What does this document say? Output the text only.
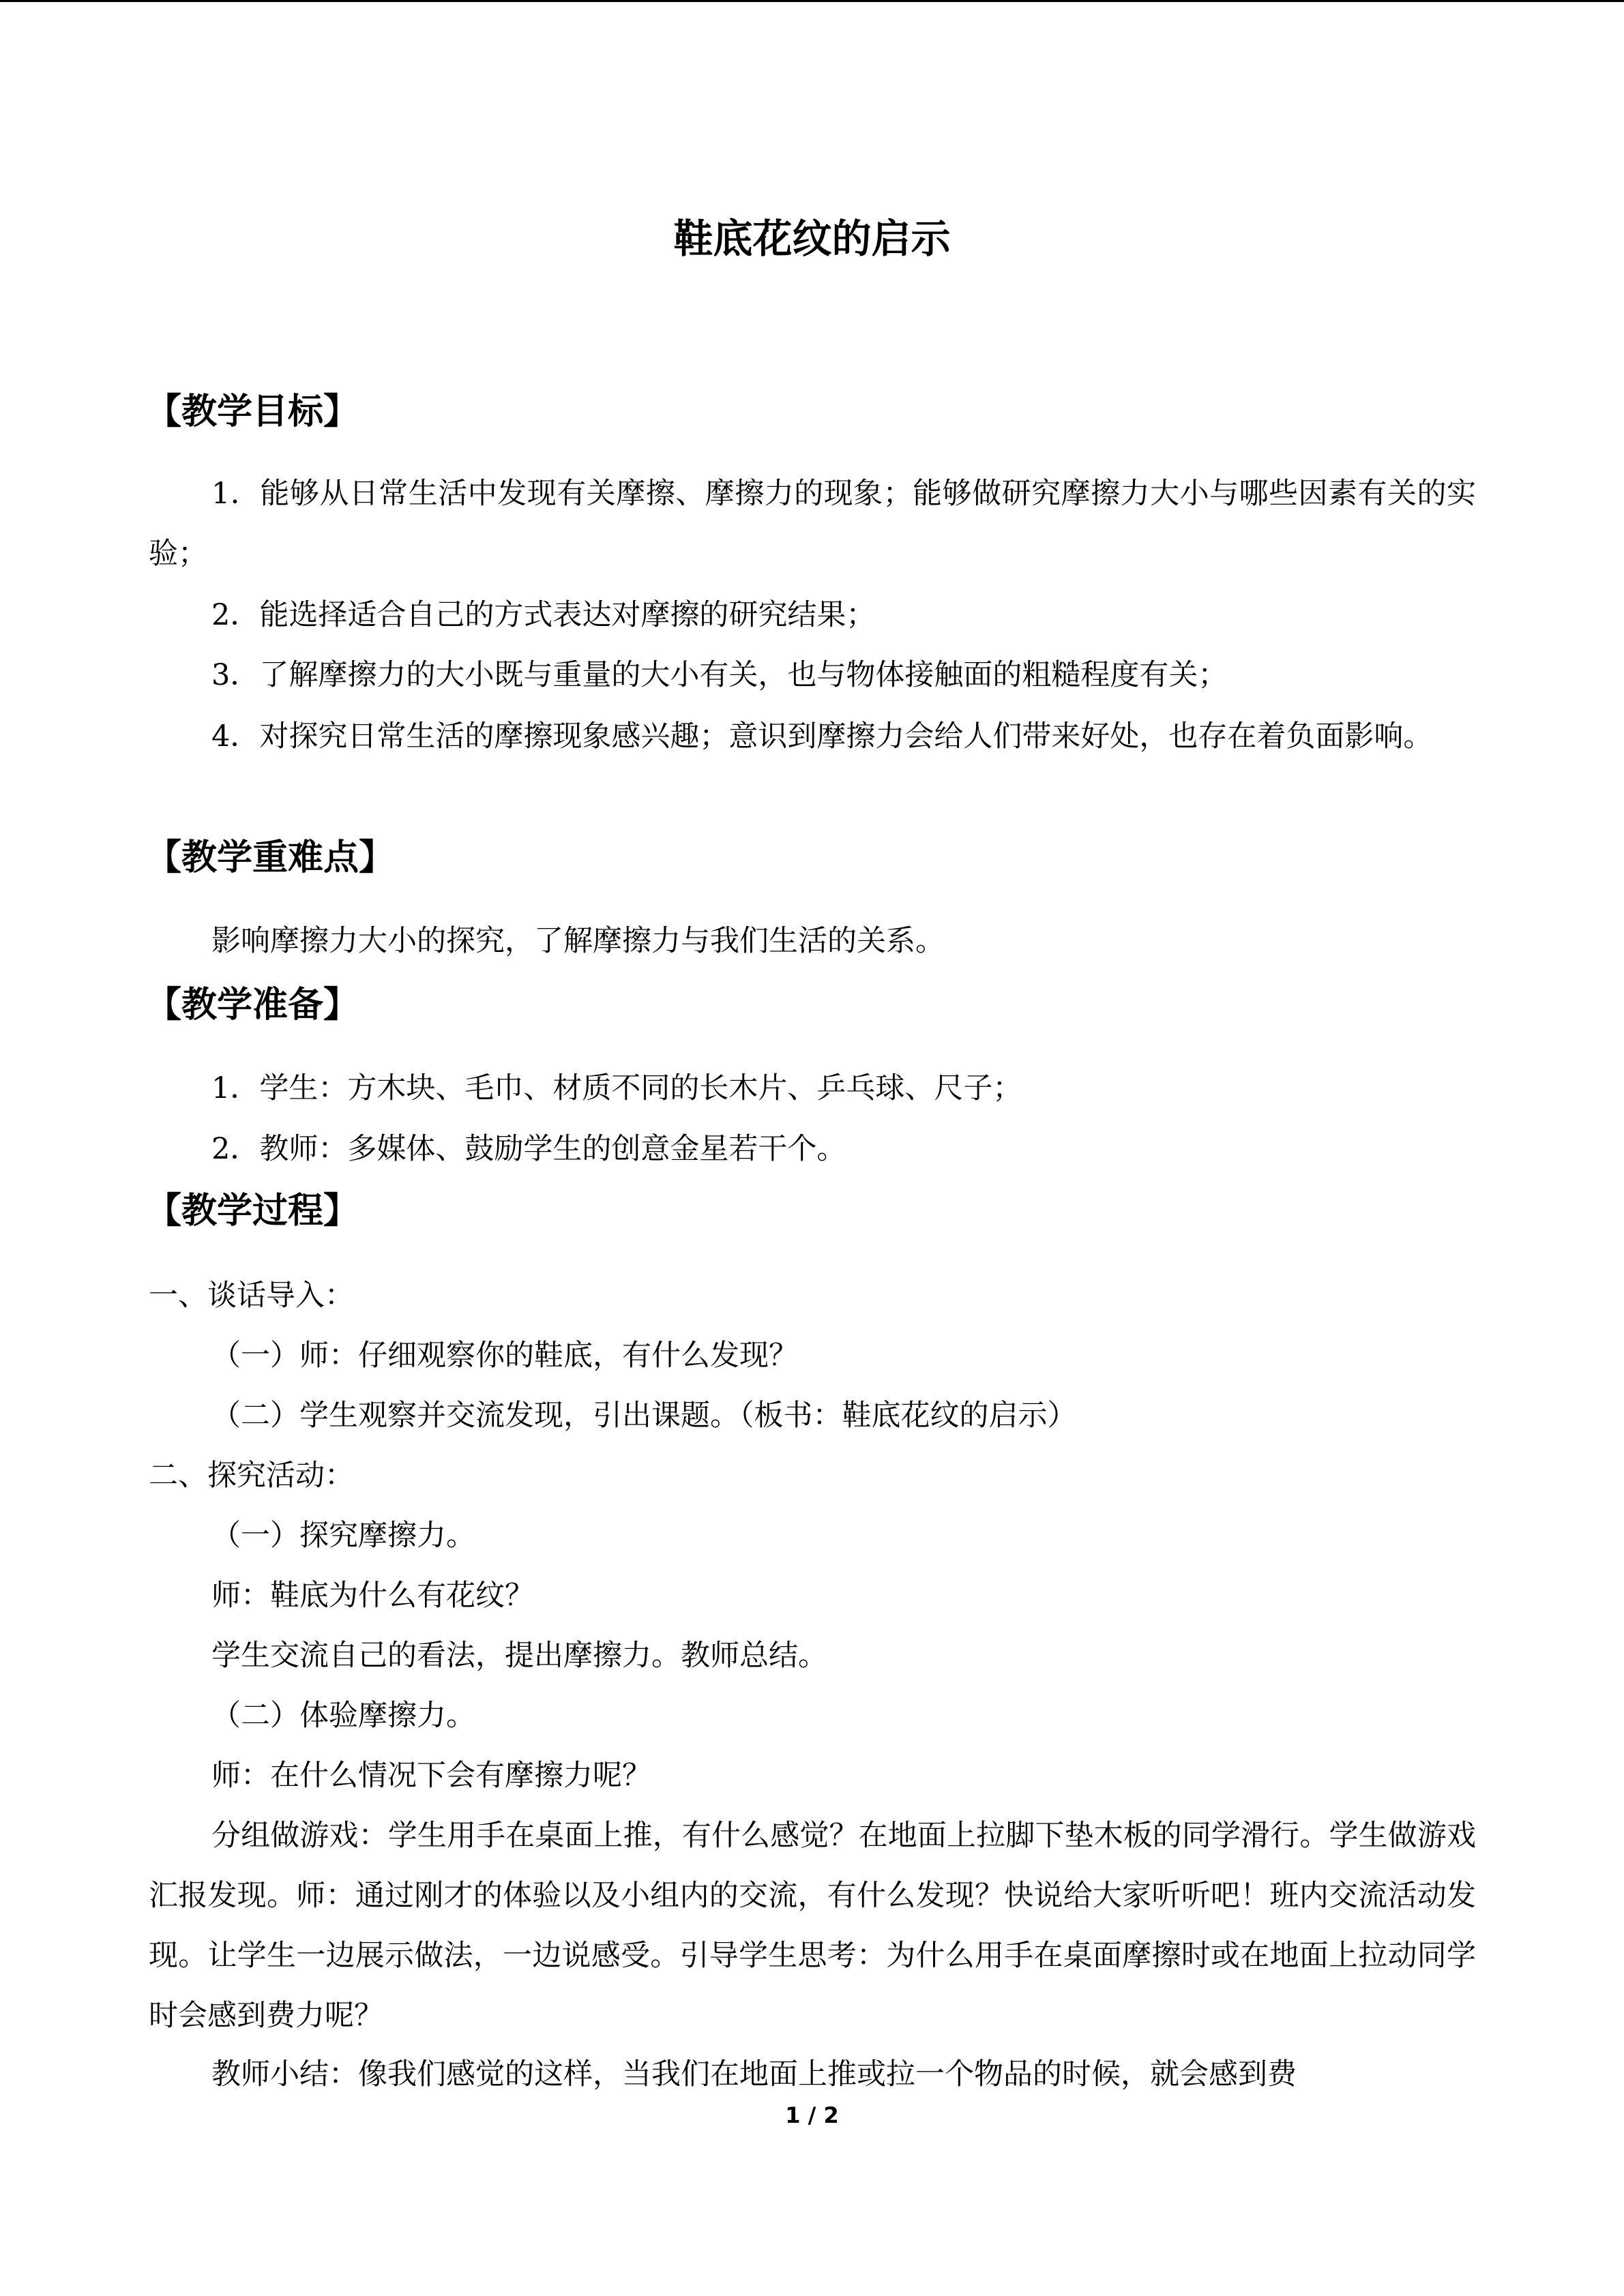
鞋底花纹的启示
【教学目标】

1．能够从日常生活中发现有关摩擦、摩擦力的现象；能够做研究摩擦力大小与哪些因素有关的实验；

2．能选择适合自己的方式表达对摩擦的研究结果；

3．了解摩擦力的大小既与重量的大小有关，也与物体接触面的粗糙程度有关；

4．对探究日常生活的摩擦现象感兴趣；意识到摩擦力会给人们带来好处，也存在着负面影响。

【教学重难点】

影响摩擦力大小的探究，了解摩擦力与我们生活的关系。

【教学准备】

1．学生：方木块、毛巾、材质不同的长木片、乒乓球、尺子；

2．教师：多媒体、鼓励学生的创意金星若干个。

【教学过程】

一、谈话导入：

（一）师：仔细观察你的鞋底，有什么发现？

（二）学生观察并交流发现，引出课题。（板书：鞋底花纹的启示）

二、探究活动：

（一）探究摩擦力。

师：鞋底为什么有花纹？

学生交流自己的看法，提出摩擦力。教师总结。

（二）体验摩擦力。

师：在什么情况下会有摩擦力呢？

分组做游戏：学生用手在桌面上推，有什么感觉？在地面上拉脚下垫木板的同学滑行。学生做游戏汇报发现。师：通过刚才的体验以及小组内的交流，有什么发现？快说给大家听听吧！班内交流活动发现。让学生一边展示做法，一边说感受。引导学生思考：为什么用手在桌面摩擦时或在地面上拉动同学时会感到费力呢？

教师小结：像我们感觉的这样，当我们在地面上推或拉一个物品的时候，就会感到费

1 / 2
